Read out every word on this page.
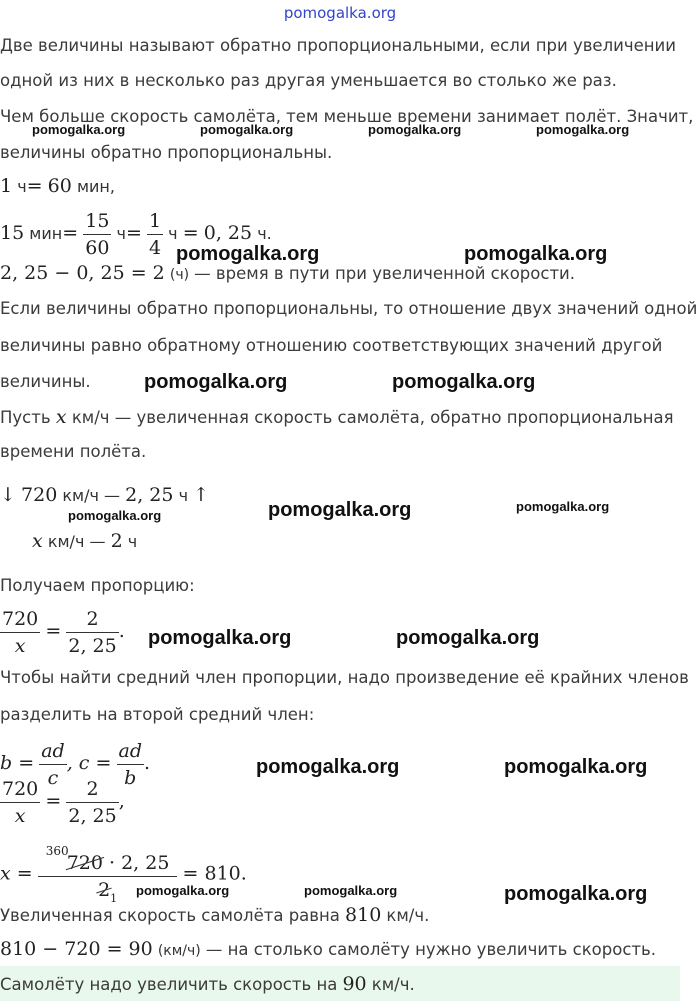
pomogalka.org
Две величины называют обратно пропорциональными, если при увеличении
одной из них в несколько раз другая уменьшается во столько же раз.
Чем больше скорость самолёта, тем меньше времени занимает полёт. Значит,
величины обратно пропорциональны.
1 ч= 60 мин,
15 $мин= \frac{15}{60} ч= \frac{1}{4}$ ч = 0, 25 ч.
2, 25 − 0, 25 = 2 (ч) — время в пути при увеличенной скорости.
Если величины обратно пропорциональны, то отношение двух значений одной
величины равно обратному отношению соответствующих значений другой
величины.
Пусть x км/ч — увеличенная скорость самолёта, обратно пропорциональная
времени полёта.
↓ 720 км/ч — 2, 25 ч ↑
x км/ч — 2 ч
Получаем пропорцию:
$\frac{720}{x} = \frac{2}{2, 25}$ .
Чтобы найти средний член пропорции, надо произведение её крайних членов
разделить на второй средний член:
$b = \frac{ad}{c}$ , $c = \frac{ad}{b}$ .
$\frac{720}{x} = \frac{2}{2, 25}$ ,
$x = \frac{^{360}720 \cdot 2, 25}{2_1} = 810$.
Увеличенная скорость самолёта равна 810 км/ч.
810 − 720 = 90 (км/ч) — на столько самолёту нужно увеличить скорость.
Самолёту надо увеличить скорость на 90 км/ч.
pomogalka.org	pomogalka.org	pomogalka.org	pomogalka.org
pomogalka.org	pomogalka.org
pomogalka.org	pomogalka.org
pomogalka.org	pomogalka.org	pomogalka.org
pomogalka.org	pomogalka.org
pomogalka.org	pomogalka.org
pomogalka.org	pomogalka.org	pomogalka.org
